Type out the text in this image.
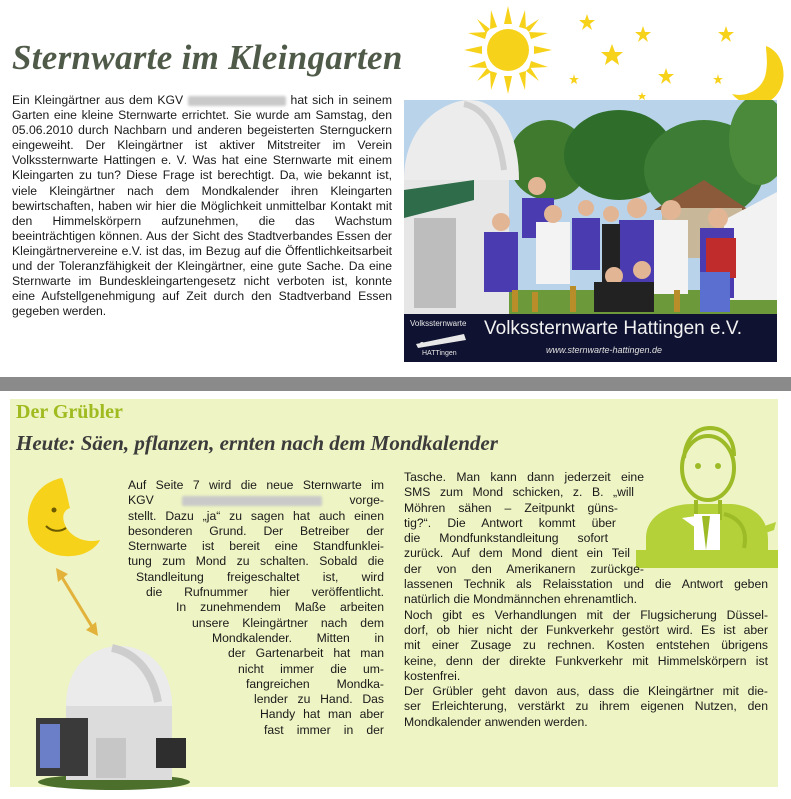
Sternwarte im Kleingarten
Ein Kleingärtner aus dem KGV	hat sich in seinem Garten eine kleine Sternwarte errichtet. Sie wurde am Samstag, den 05.06.2010 durch Nachbarn und anderen begeisterten Sternguckern eingeweiht. Der Kleingärtner ist aktiver Mitstreiter im Verein Volkssternwarte Hattingen e. V. Was hat eine Sternwarte mit einem Kleingarten zu tun? Diese Frage ist berechtigt. Da, wie bekannt ist, viele Kleingärtner nach dem Mondkalender ihren Kleingarten bewirtschaften, haben wir hier die Möglichkeit unmittelbar Kontakt mit den Himmelskörpern aufzunehmen, die das Wachstum beeinträchtigen können. Aus der Sicht des Stadtverbandes Essen der Kleingärtnervereine e.V. ist das, im Bezug auf die Öffentlichkeitsarbeit und der Toleranzfähigkeit der Kleingärtner, eine gute Sache. Da eine Sternwarte im Bundeskleingartengesetz nicht verboten ist, konnte eine Aufstellgenehmigung auf Zeit durch den Stadtverband Essen gegeben werden.
Volkssternwarte
HATTingen
Volkssternwarte Hattingen e.V.
www.sternwarte-hattingen.de
Der Grübler
Heute: Säen, pflanzen, ernten nach dem Mondkalender
Auf Seite 7 wird die neue Sternwarte im
KGV	vorge-
stellt. Dazu „ja“ zu sagen hat auch einen
besonderen Grund. Der Betreiber der
Sternwarte ist bereit eine Standfunklei-
tung zum Mond zu schalten. Sobald die
Standleitung freigeschaltet ist, wird
die Rufnummer hier veröffentlicht.
In zunehmendem Maße arbeiten
unsere Kleingärtner nach dem
Mondkalender. Mitten in
der Gartenarbeit hat man
nicht immer die um-
fangreichen Mondka-
lender zu Hand. Das
Handy hat man aber
fast immer in der
Tasche. Man kann dann jederzeit eine
SMS zum Mond schicken, z. B. „will
Möhren sähen – Zeitpunkt güns-
tig?“. Die Antwort kommt über
die Mondfunkstandleitung sofort
zurück. Auf dem Mond dient ein Teil
der von den Amerikanern zurückge-
lassenen Technik als Relaisstation und die Antwort geben
natürlich die Mondmännchen ehrenamtlich.
Noch gibt es Verhandlungen mit der Flugsicherung Düssel-
dorf, ob hier nicht der Funkverkehr gestört wird. Es ist aber
mit einer Zusage zu rechnen. Kosten entstehen übrigens
keine, denn der direkte Funkverkehr mit Himmelskörpern ist
kostenfrei.
Der Grübler geht davon aus, dass die Kleingärtner mit die-
ser Erleichterung, verstärkt zu ihrem eigenen Nutzen, den
Mondkalender anwenden werden.
